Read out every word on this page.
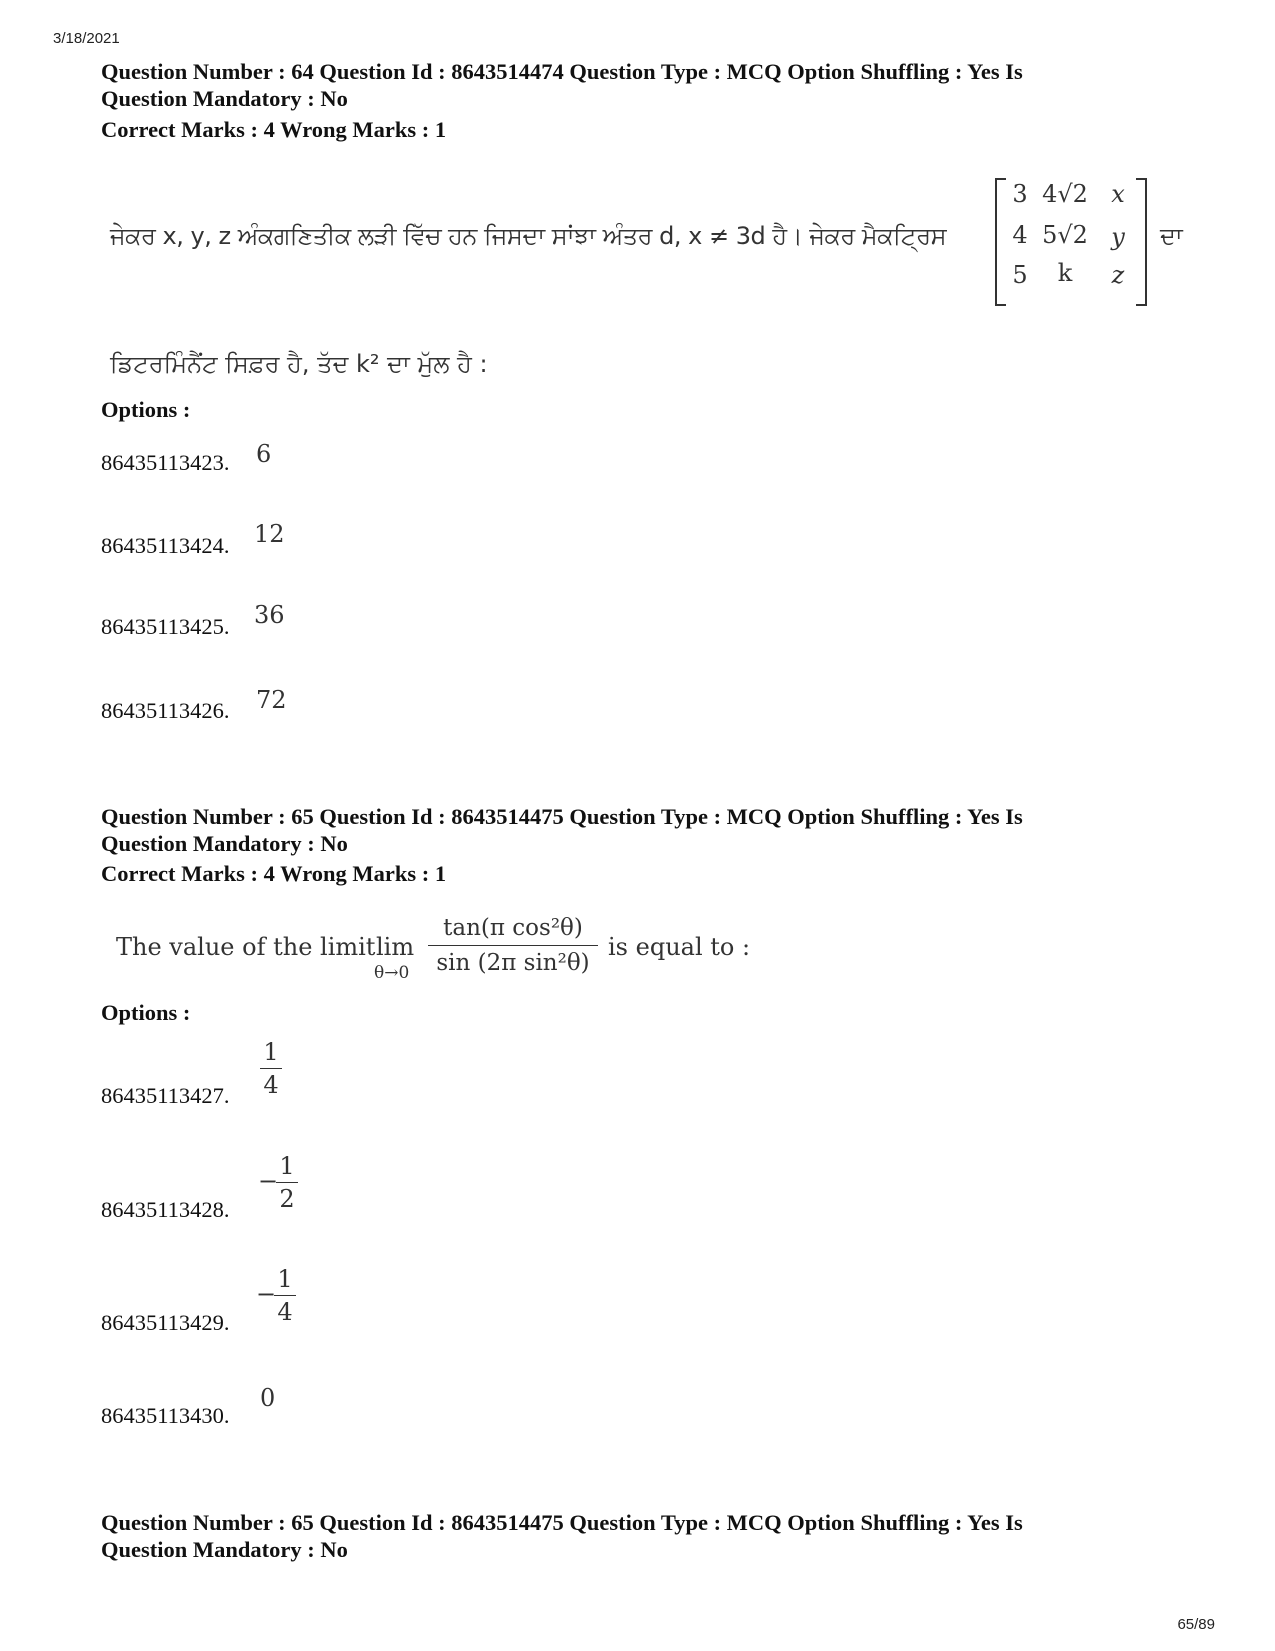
3/18/2021
Question Number : 64 Question Id : 8643514474 Question Type : MCQ Option Shuffling : Yes Is
Question Mandatory : No
Correct Marks : 4 Wrong Marks : 1
ਜੇਕਰ x, y, z ਅੰਕਗਣਿਤੀਕ ਲੜੀ ਵਿੱਚ ਹਨ ਜਿਸਦਾ ਸਾਂਝਾ ਅੰਤਰ d, x ≠ 3d ਹੈ। ਜੇਕਰ ਮੈਕਟ੍ਰਿਸ
3 4√2 x
4 5√2 y
5	k	z
ਦਾ
ਡਿਟਰਮਿੰਨੈਂਟ ਸਿਫ਼ਰ ਹੈ, ਤੱਦ k² ਦਾ ਮੁੱਲ ਹੈ :
Options :
86435113423. 6
86435113424. 12
86435113425. 36
86435113426. 72
Question Number : 65 Question Id : 8643514475 Question Type : MCQ Option Shuffling : Yes Is
Question Mandatory : No
Correct Marks : 4 Wrong Marks : 1
The value of the limit lim
θ→0
tan(π cos²θ)
sin (2π sin²θ)
is equal to :
Options :
86435113427.
1
4
86435113428.
−
1
2
86435113429.
−
1
4
86435113430.
0
Question Number : 65 Question Id : 8643514475 Question Type : MCQ Option Shuffling : Yes Is
Question Mandatory : No
65/89
